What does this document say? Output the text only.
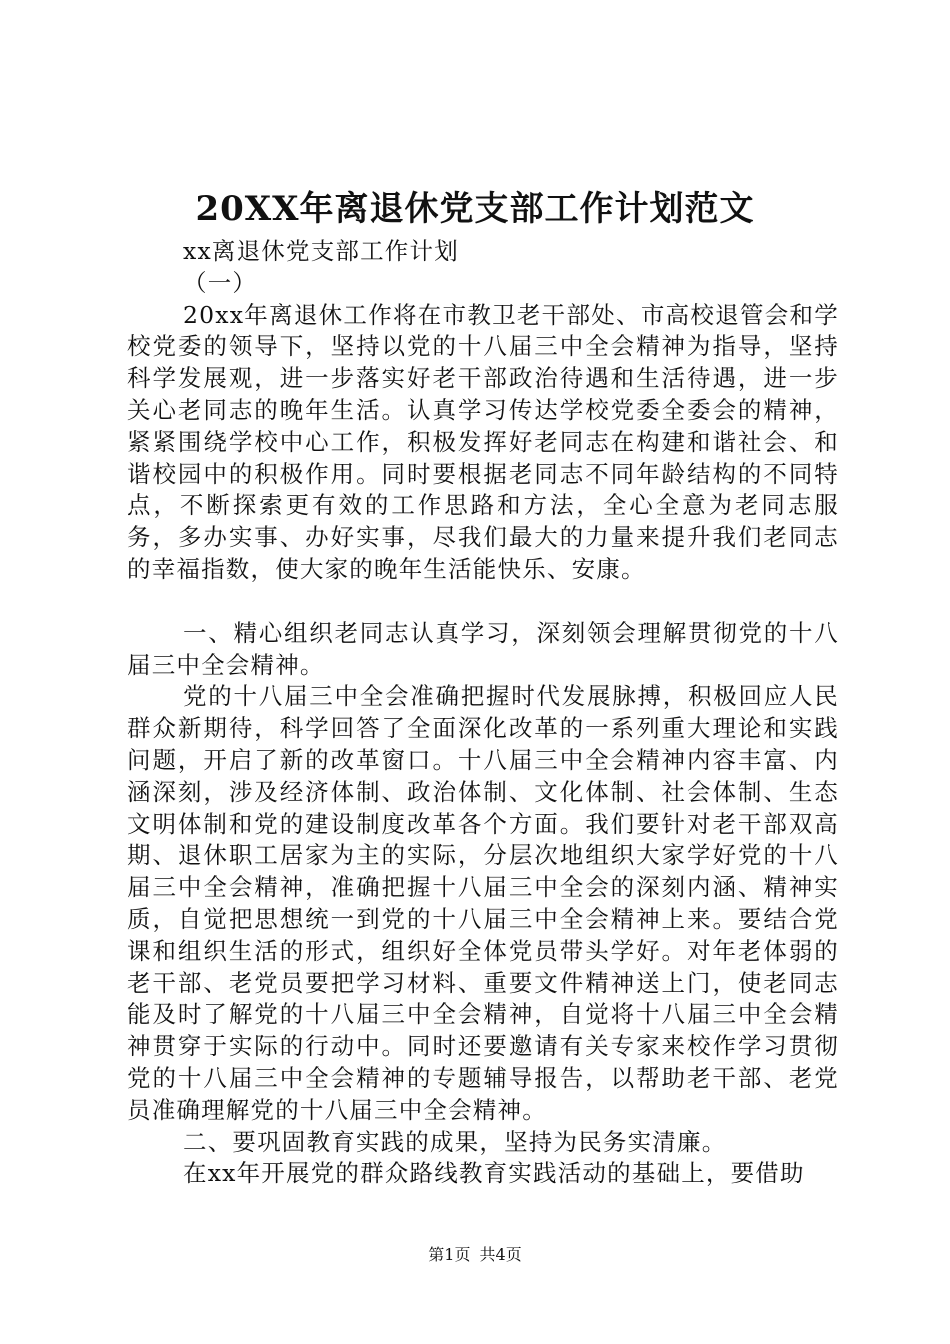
20XX年离退休党支部工作计划范文

xx离退休党支部工作计划

（一）

20xx年离退休工作将在市教卫老干部处、市高校退管会和学校党委的领导下，坚持以党的十八届三中全会精神为指导，坚持科学发展观，进一步落实好老干部政治待遇和生活待遇，进一步关心老同志的晚年生活。认真学习传达学校党委全委会的精神，紧紧围绕学校中心工作，积极发挥好老同志在构建和谐社会、和谐校园中的积极作用。同时要根据老同志不同年龄结构的不同特点，不断探索更有效的工作思路和方法，全心全意为老同志服务，多办实事、办好实事，尽我们最大的力量来提升我们老同志的幸福指数，使大家的晚年生活能快乐、安康。

一、精心组织老同志认真学习，深刻领会理解贯彻党的十八届三中全会精神。

党的十八届三中全会准确把握时代发展脉搏，积极回应人民群众新期待，科学回答了全面深化改革的一系列重大理论和实践问题，开启了新的改革窗口。十八届三中全会精神内容丰富、内涵深刻，涉及经济体制、政治体制、文化体制、社会体制、生态文明体制和党的建设制度改革各个方面。我们要针对老干部双高期、退休职工居家为主的实际，分层次地组织大家学好党的十八届三中全会精神，准确把握十八届三中全会的深刻内涵、精神实质，自觉把思想统一到党的十八届三中全会精神上来。要结合党课和组织生活的形式，组织好全体党员带头学好。对年老体弱的老干部、老党员要把学习材料、重要文件精神送上门，使老同志能及时了解党的十八届三中全会精神，自觉将十八届三中全会精神贯穿于实际的行动中。同时还要邀请有关专家来校作学习贯彻党的十八届三中全会精神的专题辅导报告，以帮助老干部、老党员准确理解党的十八届三中全会精神。

二、要巩固教育实践的成果，坚持为民务实清廉。

在xx年开展党的群众路线教育实践活动的基础上，要借助

第1页 共4页
